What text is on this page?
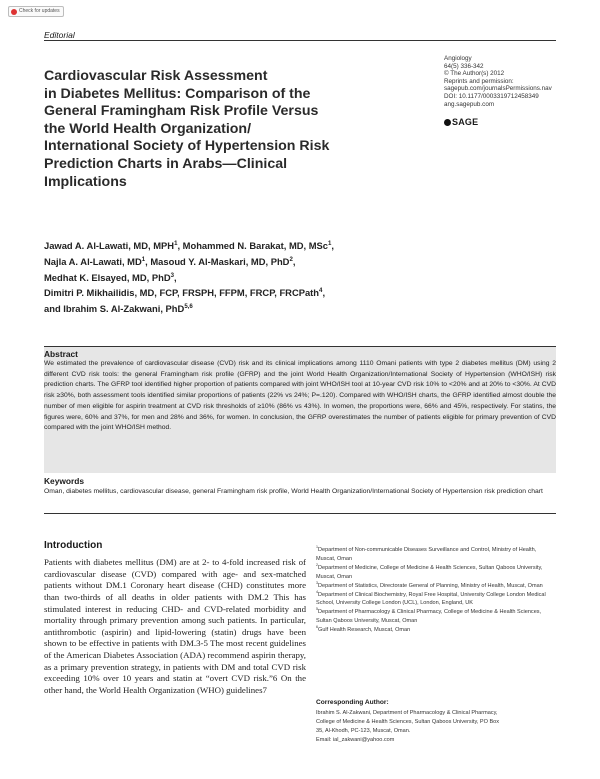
Check for updates
Editorial
Angiology
64(5) 336-342
© The Author(s) 2012
Reprints and permission:
sagepub.com/journalsPermissions.nav
DOI: 10.1177/0003319712458349
ang.sagepub.com
SAGE
Cardiovascular Risk Assessment
in Diabetes Mellitus: Comparison of the
General Framingham Risk Profile Versus
the World Health Organization/
International Society of Hypertension Risk
Prediction Charts in Arabs—Clinical
Implications
Jawad A. Al-Lawati, MD, MPH$^1$, Mohammed N. Barakat, MD, MSc$^1$,
Najla A. Al-Lawati, $MD^1$, Masoud Y. Al-Maskari, MD, PhD$^2$,
Medhat K. Elsayed, MD, PhD$^3$,
Dimitri P. Mikhailidis, MD, FCP, FRSPH, FFPM, FRCP, FRCPath$^4$,
and Ibrahim S. Al-Zakwani, PhD$^{5,6}$
Abstract
We estimated the prevalence of cardiovascular disease (CVD) risk and its clinical implications among 1110 Omani patients with type 2 diabetes mellitus (DM) using 2 different CVD risk tools: the general Framingham risk profile (GFRP) and the joint World Health Organization/International Society of Hypertension (WHO/ISH) risk prediction charts. The GFRP tool identified higher proportion of patients compared with joint WHO/ISH tool at 10-year CVD risk 10% to <20% and at 20% to <30%. At CVD risk ≥30%, both assessment tools identified similar proportions of patients (22% vs 24%; P=.120). Compared with WHO/ISH charts, the GFRP identified almost double the number of men eligible for aspirin treatment at CVD risk thresholds of ≥10% (86% vs 43%). In women, the proportions were, 66% and 45%, respectively. For statins, the figures were, 60% and 37%, for men and 28% and 36%, for women. In conclusion, the GFRP overestimates the number of patients eligible for primary prevention of CVD compared with the joint WHO/ISH method.
Keywords
Oman, diabetes mellitus, cardiovascular disease, general Framingham risk profile, World Health Organization/International Society of Hypertension risk prediction chart
Introduction
Patients with diabetes mellitus (DM) are at 2- to 4-fold increased risk of cardiovascular disease (CVD) compared with age- and sex-matched patients without DM.1 Coronary heart disease (CHD) constitutes more than two-thirds of all deaths in older patients with DM.2 This has stimulated interest in reducing CHD- and CVD-related morbidity and mortality through primary prevention among such patients. In particular, antithrombotic (aspirin) and lipid-lowering (statin) drugs have been shown to be effective in patients with DM.3-5 The most recent guidelines of the American Diabetes Association (ADA) recommend aspirin therapy, as a primary prevention strategy, in patients with DM and total CVD risk exceeding 10% over 10 years and statin at “overt CVD risk.”6 On the other hand, the World Health Organization (WHO) guidelines7
$^1$Department of Non-communicable Diseases Surveillance and Control, Ministry of Health, Muscat, Oman
$^2$Department of Medicine, College of Medicine & Health Sciences, Sultan Qaboos University, Muscat, Oman
$^3$Department of Statistics, Directorate General of Planning, Ministry of Health, Muscat, Oman
$^4$Department of Clinical Biochemistry, Royal Free Hospital, University College London Medical School, University College London (UCL), London, England, UK
$^5$Department of Pharmacology & Clinical Pharmacy, College of Medicine & Health Sciences, Sultan Qaboos University, Muscat, Oman
$^6$Gulf Health Research, Muscat, Oman
Corresponding Author:
Ibrahim S. Al-Zakwani, Department of Pharmacology & Clinical Pharmacy,
College of Medicine & Health Sciences, Sultan Qaboos University, PO Box
35, Al-Khodh, PC-123, Muscat, Oman.
Email: ial_zakwani@yahoo.com
